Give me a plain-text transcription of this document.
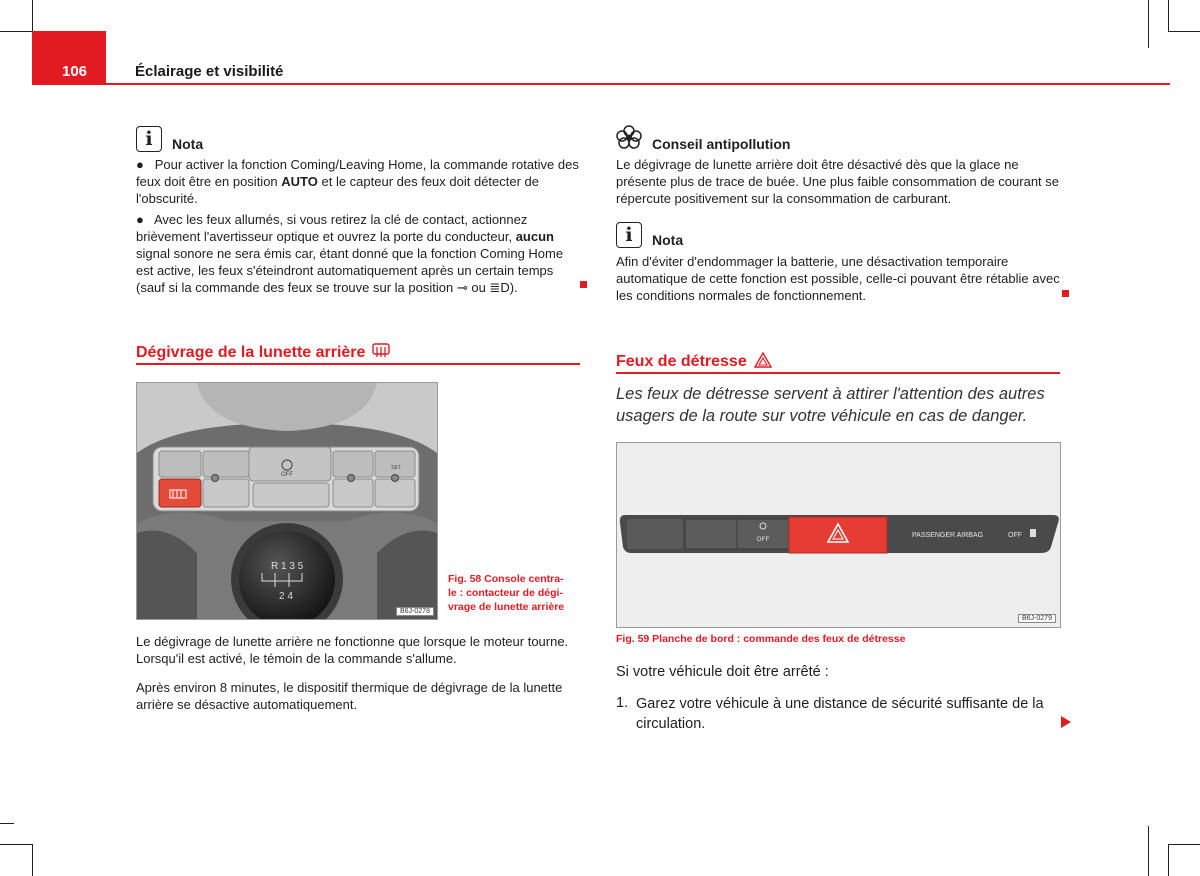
106	Éclairage et visibilité
i	Nota

●   Pour activer la fonction Coming/Leaving Home, la commande rotative des feux doit être en position AUTO et le capteur des feux doit détecter de l'obscurité.

●   Avec les feux allumés, si vous retirez la clé de contact, actionnez brièvement l'avertisseur optique et ouvrez la porte du conducteur, aucun signal sonore ne sera émis car, étant donné que la fonction Coming Home est active, les feux s'éteindront automatiquement après un certain temps (sauf si la commande des feux se trouve sur la position ⊸ ou ≣D).

Conseil antipollution
Le dégivrage de lunette arrière doit être désactivé dès que la glace ne présente plus de trace de buée. Une plus faible consommation de courant se répercute positivement sur la consommation de carburant.
i	Nota
Afin d'éviter d'endommager la batterie, une désactivation temporaire automatique de cette fonction est possible, celle-ci pouvant être rétablie avec les conditions normales de fonctionnement.
Dégivrage de la lunette arrière
OFF
SET
R 1 3 5
2 4
B6J-0278
Fig. 58 Console centra-
le : contacteur de dégi-
vrage de lunette arrière
Le dégivrage de lunette arrière ne fonctionne que lorsque le moteur tourne. Lorsqu'il est activé, le témoin de la commande s'allume.
Après environ 8 minutes, le dispositif thermique de dégivrage de la lunette arrière se désactive automatiquement.
Feux de détresse
Les feux de détresse servent à attirer l'attention des autres usagers de la route sur votre véhicule en cas de danger.
OFF
PASSENGER AIRBAG	OFF
B6J-0279
Fig. 59 Planche de bord : commande des feux de détresse
Si votre véhicule doit être arrêté :
1. Garez votre véhicule à une distance de sécurité suffisante de la circulation.
